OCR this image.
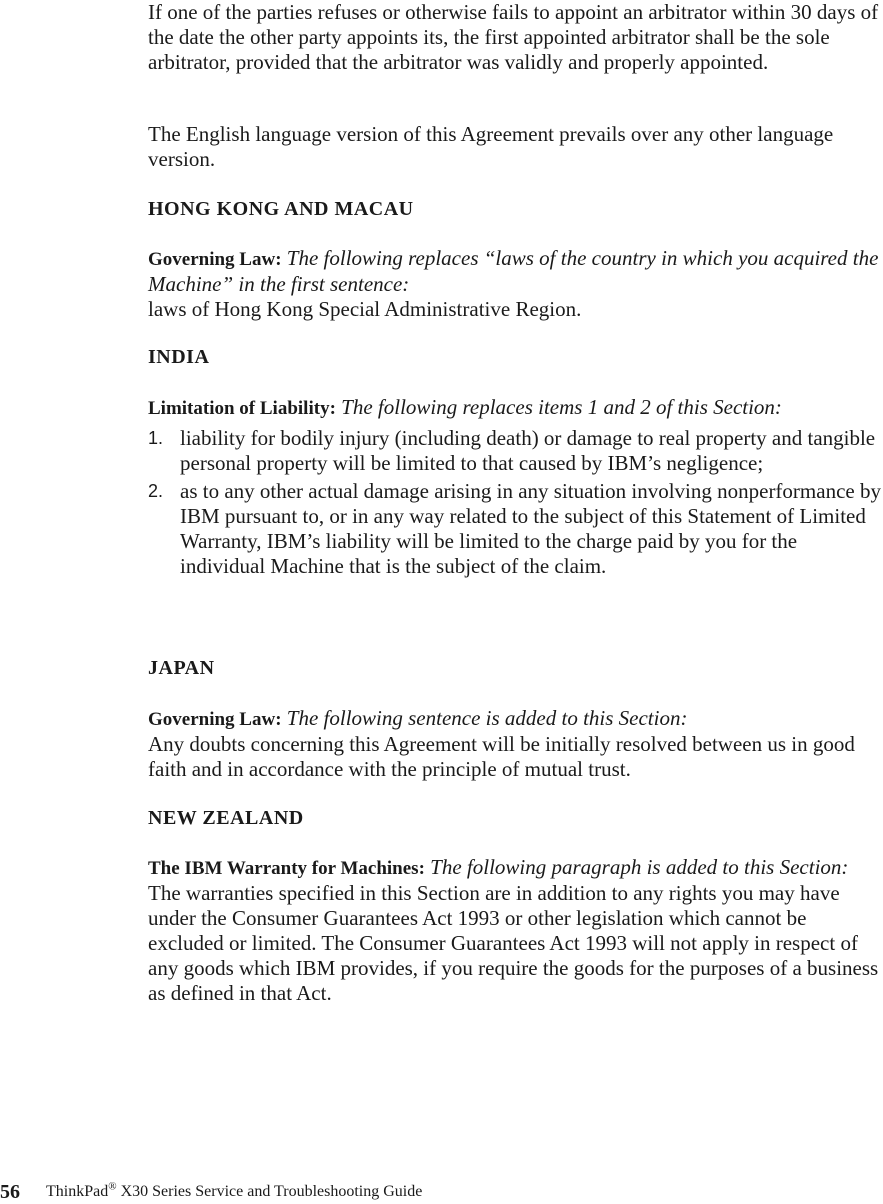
If one of the parties refuses or otherwise fails to appoint an arbitrator within 30 days of the date the other party appoints its, the first appointed arbitrator shall be the sole arbitrator, provided that the arbitrator was validly and properly appointed.

The English language version of this Agreement prevails over any other language version.

HONG KONG AND MACAU
Governing Law: The following replaces “laws of the country in which you acquired the Machine” in the first sentence:
laws of Hong Kong Special Administrative Region.
INDIA
Limitation of Liability: The following replaces items 1 and 2 of this Section:
1. liability for bodily injury (including death) or damage to real property and tangible personal property will be limited to that caused by IBM’s negligence;
2. as to any other actual damage arising in any situation involving nonperformance by IBM pursuant to, or in any way related to the subject of this Statement of Limited Warranty, IBM’s liability will be limited to the charge paid by you for the individual Machine that is the subject of the claim.
JAPAN
Governing Law: The following sentence is added to this Section:
Any doubts concerning this Agreement will be initially resolved between us in good faith and in accordance with the principle of mutual trust.
NEW ZEALAND
The IBM Warranty for Machines: The following paragraph is added to this Section:
The warranties specified in this Section are in addition to any rights you may have under the Consumer Guarantees Act 1993 or other legislation which cannot be excluded or limited. The Consumer Guarantees Act 1993 will not apply in respect of any goods which IBM provides, if you require the goods for the purposes of a business as defined in that Act.
56 ThinkPad® X30 Series Service and Troubleshooting Guide
